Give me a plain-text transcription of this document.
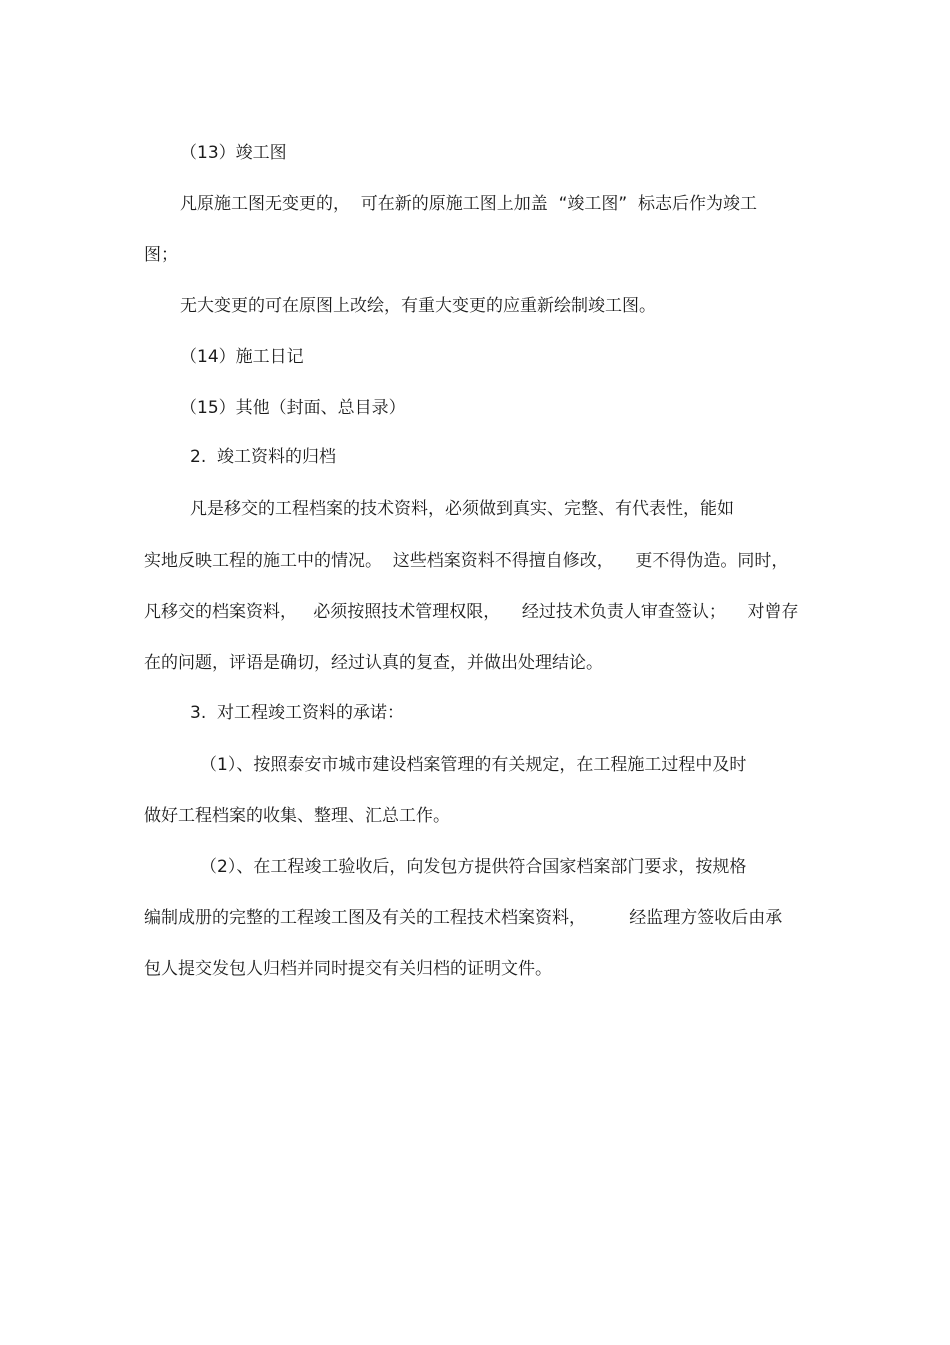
（13）竣工图
凡原施工图无变更的，  可在新的原施工图上加盖  “竣工图”  标志后作为竣工
图；
无大变更的可在原图上改绘，有重大变更的应重新绘制竣工图。
（14）施工日记
（15）其他（封面、总目录）
2.  竣工资料的归档
凡是移交的工程档案的技术资料，必须做到真实、完整、有代表性，能如
实地反映工程的施工中的情况。  这些档案资料不得擅自修改，    更不得伪造。同时，
凡移交的档案资料，   必须按照技术管理权限，    经过技术负责人审查签认；    对曾存
在的问题，评语是确切，经过认真的复查，并做出处理结论。
3.  对工程竣工资料的承诺：
（1）、按照泰安市城市建设档案管理的有关规定，在工程施工过程中及时
做好工程档案的收集、整理、汇总工作。
（2）、在工程竣工验收后，向发包方提供符合国家档案部门要求，按规格
编制成册的完整的工程竣工图及有关的工程技术档案资料，        经监理方签收后由承
包人提交发包人归档并同时提交有关归档的证明文件。
